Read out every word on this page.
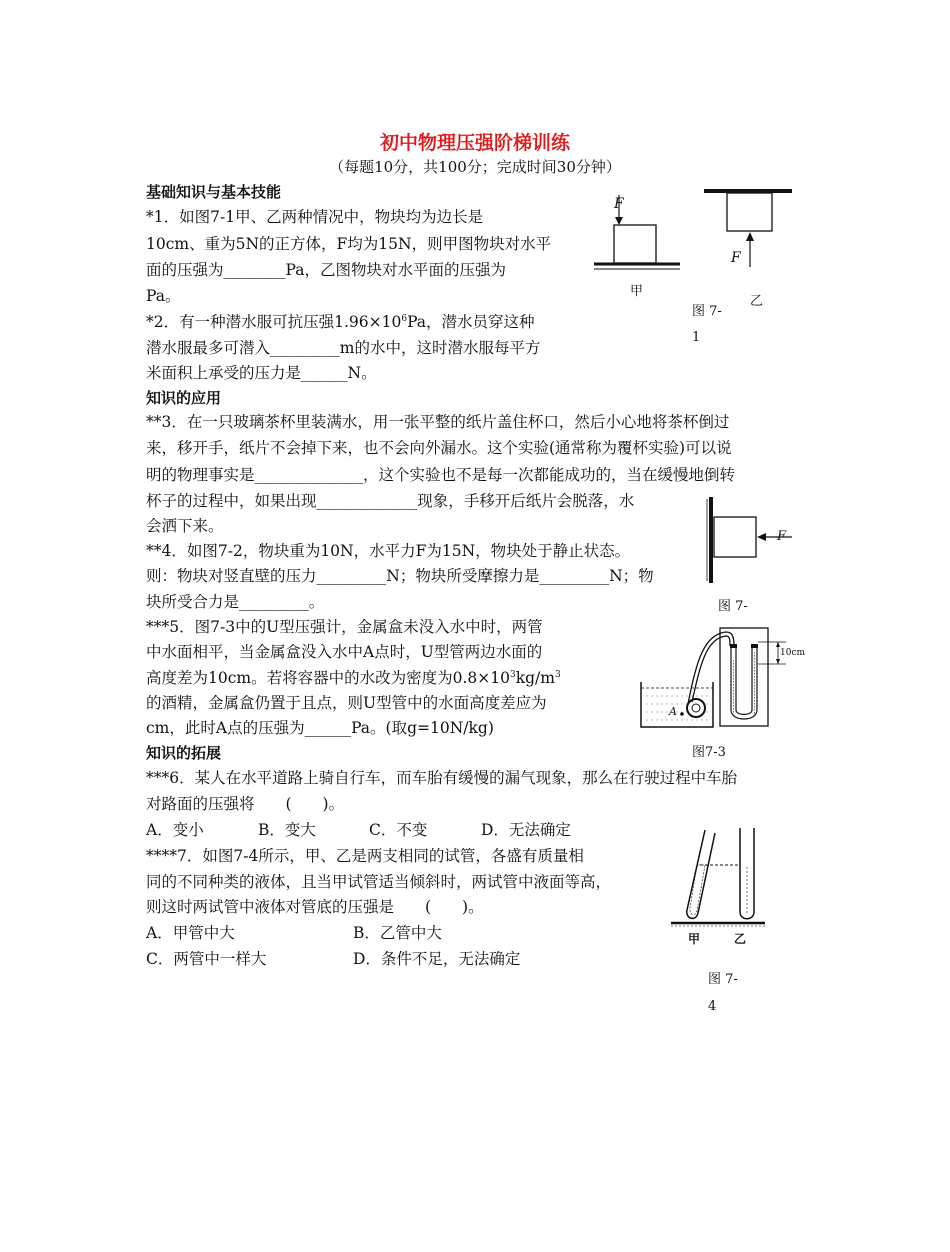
初中物理压强阶梯训练
（每题10分，共100分；完成时间30分钟）
基础知识与基本技能
*1．如图7-1甲、乙两种情况中，物块均为边长是
10cm、重为5N的正方体，F均为15N，则甲图物块对水平
面的压强为________Pa，乙图物块对水平面的压强为
Pa。
*2．有一种潜水服可抗压强$1.96\times 10^6Pa$，潜水员穿这种
潜水服最多可潜入_________m的水中，这时潜水服每平方
米面积上承受的压力是______N。
知识的应用
**3．在一只玻璃茶杯里装满水，用一张平整的纸片盖住杯口，然后小心地将茶杯倒过
来，移开手，纸片不会掉下来，也不会向外漏水。这个实验(通常称为覆杯实验)可以说
明的物理事实是______________，这个实验也不是每一次都能成功的，当在缓慢地倒转
杯子的过程中，如果出现_____________现象，手移开后纸片会脱落，水
会洒下来。
**4．如图7-2，物块重为10N，水平力F为15N，物块处于静止状态。
则：物块对竖直壁的压力_________N；物块所受摩擦力是_________N；物
块所受合力是_________。
***5．图7-3中的U型压强计，金属盒未没入水中时，两管
中水面相平，当金属盒没入水中A点时，U型管两边水面的
高度差为10cm。若将容器中的水改为密度为$0.8\times 10^3kg/m^3$
的酒精，金属盒仍置于且点，则U型管中的水面高度差应为
cm，此时A点的压强为______Pa。(取g=10N/kg)
知识的拓展
***6．某人在水平道路上骑自行车，而车胎有缓慢的漏气现象，那么在行驶过程中车胎
对路面的压强将　　(　　)。
A．变小	B．变大	C．不变	D．无法确定
****7．如图7-4所示，甲、乙是两支相同的试管，各盛有质量相
同的不同种类的液体，且当甲试管适当倾斜时，两试管中液面等高，
则这时两试管中液体对管底的压强是　　(　　)。
A．甲管中大	B．乙管中大
C．两管中一样大	D．条件不足，无法确定
F
F
甲
乙
图 7-
1
F
图 7-
10cm
A
图7-3
甲	乙
图 7-
4
